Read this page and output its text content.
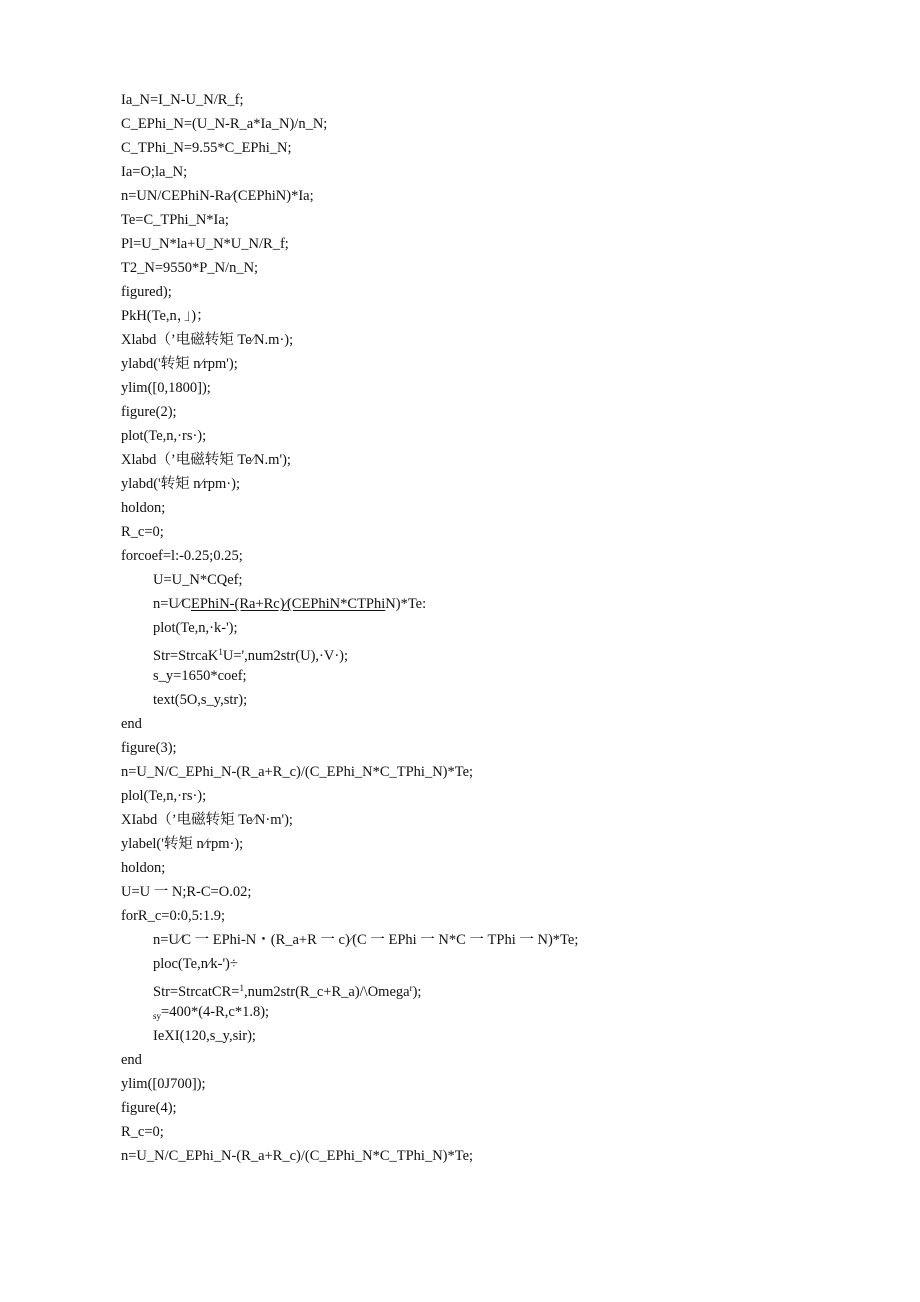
Ia_N=I_N-U_N/R_f;
C_EPhi_N=(U_N-R_a*Ia_N)/n_N;
C_TPhi_N=9.55*C_EPhi_N;
Ia=O;la_N;
n=UN/CEPhiN-Ra∕(CEPhiN)*Ia;
Te=C_TPhi_N*Ia;
Pl=U_N*la+U_N*U_N/R_f;
T2_N=9550*P_N/n_N;
figured);
PkH(Te,n，」)；
Xlabd（’电磁转矩 Te∕N.m·);
ylabd('转矩 n∕rpm');
ylim([0,1800]);
figure(2);
plot(Te,n,·rs·);
Xlabd（’电磁转矩 Te∕N.m');
ylabd('转矩 n∕rpm·);
holdon;
R_c=0;
forcoef=l:-0.25;0.25;
U=U_N*CQef;
n=U∕CEPhiN-(Ra+Rc)∕(CEPhiN*CTPhiN)*Te:
plot(Te,n,·k-');
Str=StrcaK$^1$U=',num2str(U),·V·);
s_y=1650*coef;
text(5O,s_y,str);
end
figure(3);
n=U_N/C_EPhi_N-(R_a+R_c)/(C_EPhi_N*C_TPhi_N)*Te;
plol(Te,n,·rs·);
XIabd（’电磁转矩 Te∕N·m');
ylabel('转矩 n∕rpm·);
holdon;
U=U 一 N;R-C=O.02;
forR_c=0:0,5:1.9;
n=U∕C 一 EPhi-N・(R_a+R 一 c)∕(C 一 EPhi 一 N*C 一 TPhi 一 N)*Te;
ploc(Te,n∕k-')÷
Str=StrcatCR=$^1$,num2str(R_c+R_a)/\Omega$^r$);
$_{sy}$=400*(4-R,c*1.8);
IeXI(120,s_y,sir);
end
ylim([0J700]);
figure(4);
R_c=0;
n=U_N/C_EPhi_N-(R_a+R_c)/(C_EPhi_N*C_TPhi_N)*Te;
